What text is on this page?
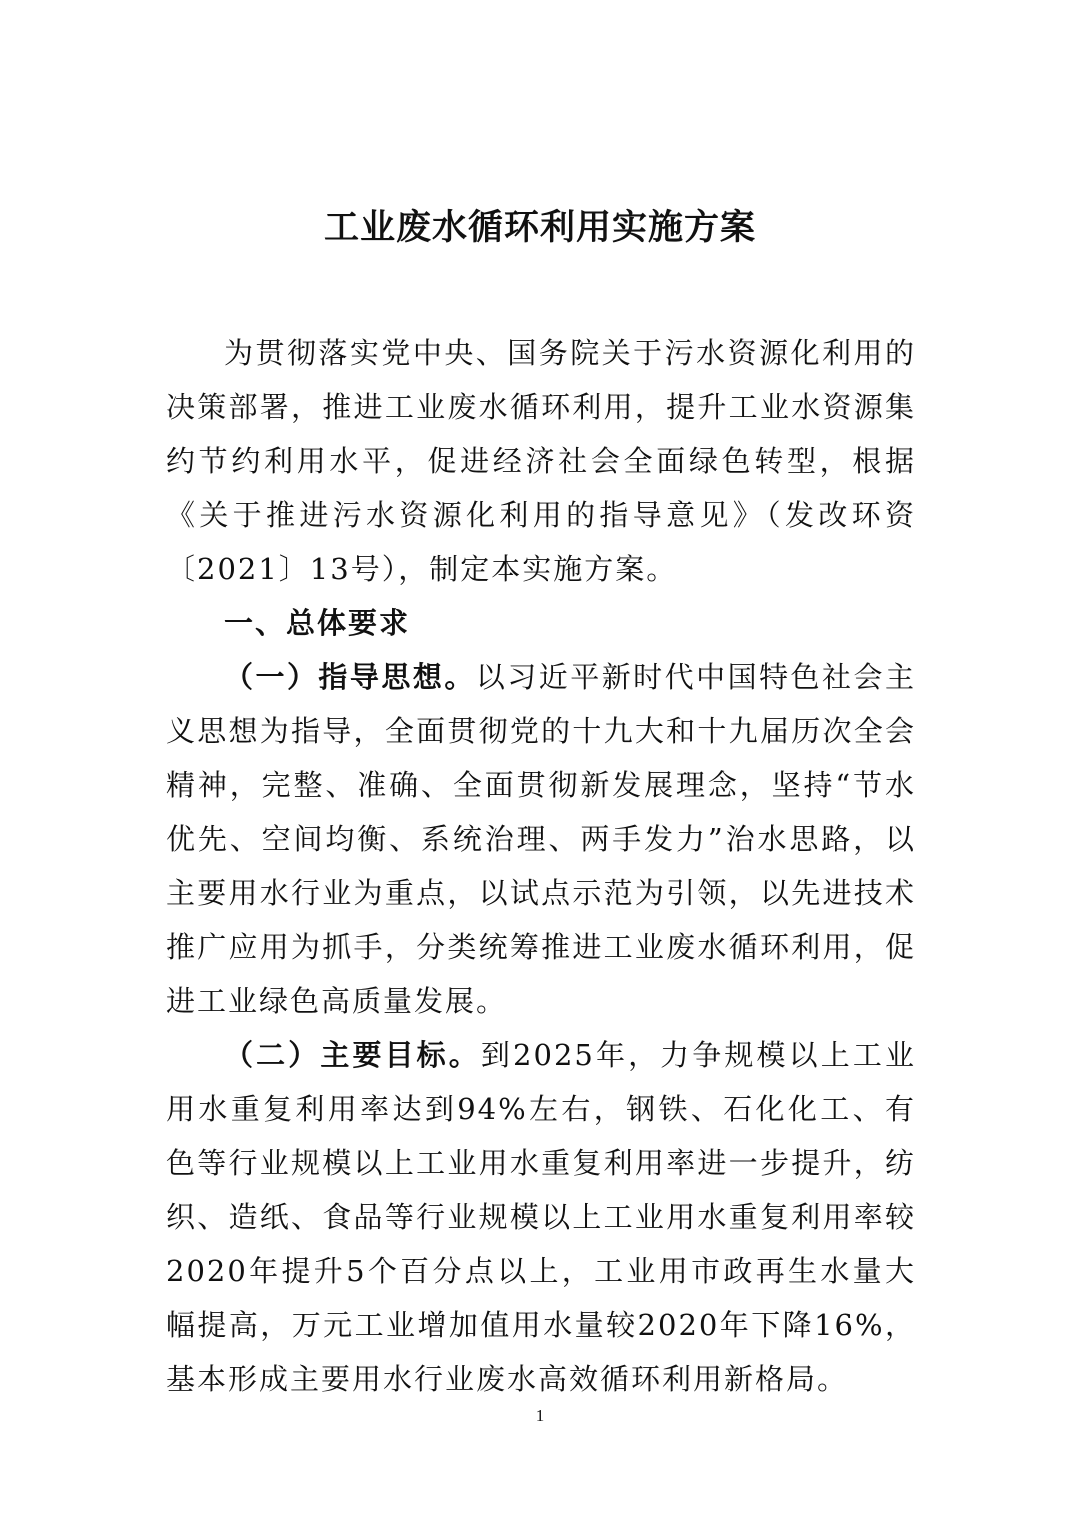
工业废水循环利用实施方案

为贯彻落实党中央、国务院关于污水资源化利用的决策部署，推进工业废水循环利用，提升工业水资源集约节约利用水平，促进经济社会全面绿色转型，根据《关于推进污水资源化利用的指导意见》（发改环资〔2021〕13号），制定本实施方案。

一、总体要求

（一）指导思想。以习近平新时代中国特色社会主义思想为指导，全面贯彻党的十九大和十九届历次全会精神，完整、准确、全面贯彻新发展理念，坚持“节水优先、空间均衡、系统治理、两手发力”治水思路，以主要用水行业为重点，以试点示范为引领，以先进技术推广应用为抓手，分类统筹推进工业废水循环利用，促进工业绿色高质量发展。

（二）主要目标。到2025年，力争规模以上工业用水重复利用率达到94%左右，钢铁、石化化工、有色等行业规模以上工业用水重复利用率进一步提升，纺织、造纸、食品等行业规模以上工业用水重复利用率较2020年提升5个百分点以上，工业用市政再生水量大幅提高，万元工业增加值用水量较2020年下降16%，基本形成主要用水行业废水高效循环利用新格局。

1
